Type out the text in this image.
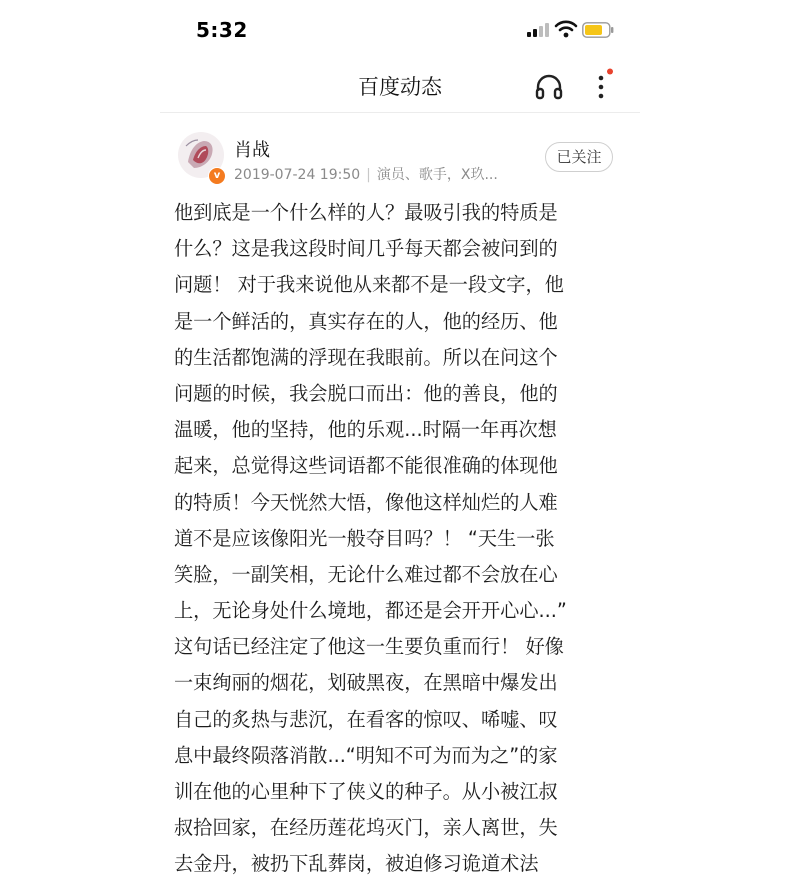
5:32
百度动态
v
肖战
2019-07-24 19:50 | 演员、歌手，X玖...
已关注
他到底是一个什么样的人？最吸引我的特质是
什么？这是我这段时间几乎每天都会被问到的
问题！ 对于我来说他从来都不是一段文字，他
是一个鲜活的，真实存在的人，他的经历、他
的生活都饱满的浮现在我眼前。所以在问这个
问题的时候，我会脱口而出：他的善良，他的
温暖，他的坚持，他的乐观...时隔一年再次想
起来，总觉得这些词语都不能很准确的体现他
的特质！今天恍然大悟，像他这样灿烂的人难
道不是应该像阳光一般夺目吗？！ “天生一张
笑脸，一副笑相，无论什么难过都不会放在心
上，无论身处什么境地，都还是会开开心心...”
这句话已经注定了他这一生要负重而行！ 好像
一束绚丽的烟花，划破黑夜，在黑暗中爆发出
自己的炙热与悲沉，在看客的惊叹、唏嘘、叹
息中最终陨落消散...“明知不可为而为之”的家
训在他的心里种下了侠义的种子。从小被江叔
叔拾回家，在经历莲花坞灭门，亲人离世，失
去金丹，被扔下乱葬岗，被迫修习诡道术法
